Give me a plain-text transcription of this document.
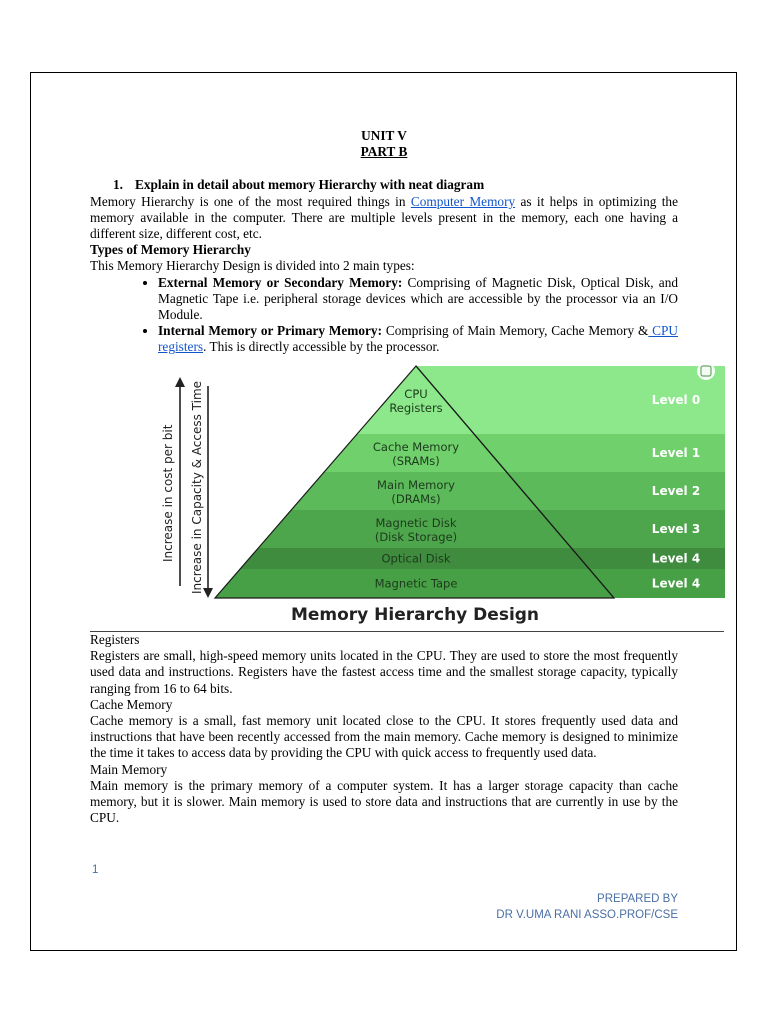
UNIT V
PART B
1. Explain in detail about memory Hierarchy with neat diagram

Memory Hierarchy is one of the most required things in Computer Memory as it helps in optimizing the memory available in the computer. There are multiple levels present in the memory, each one having a different size, different cost, etc.

Types of Memory Hierarchy

This Memory Hierarchy Design is divided into 2 main types:

• External Memory or Secondary Memory: Comprising of Magnetic Disk, Optical Disk, and Magnetic Tape i.e. peripheral storage devices which are accessible by the processor via an I/O Module.
• Internal Memory or Primary Memory: Comprising of Main Memory, Cache Memory & CPU registers. This is directly accessible by the processor.
Level 0
CPU
Registers
Level 1
Cache Memory
(SRAMs)
Level 2
Main Memory
(DRAMs)
Level 3
Magnetic Disk
(Disk Storage)
Level 4
Optical Disk
Level 4
Magnetic Tape
Increase in cost per bit Increase in Capacity & Access Time
Memory Hierarchy Design

Registers

Registers are small, high-speed memory units located in the CPU. They are used to store the most frequently used data and instructions. Registers have the fastest access time and the smallest storage capacity, typically ranging from 16 to 64 bits.

Cache Memory

Cache memory is a small, fast memory unit located close to the CPU. It stores frequently used data and instructions that have been recently accessed from the main memory. Cache memory is designed to minimize the time it takes to access data by providing the CPU with quick access to frequently used data.

Main Memory

Main memory is the primary memory of a computer system. It has a larger storage capacity than cache memory, but it is slower. Main memory is used to store data and instructions that are currently in use by the CPU.

1
PREPARED BY
DR V.UMA RANI ASSO.PROF/CSE
